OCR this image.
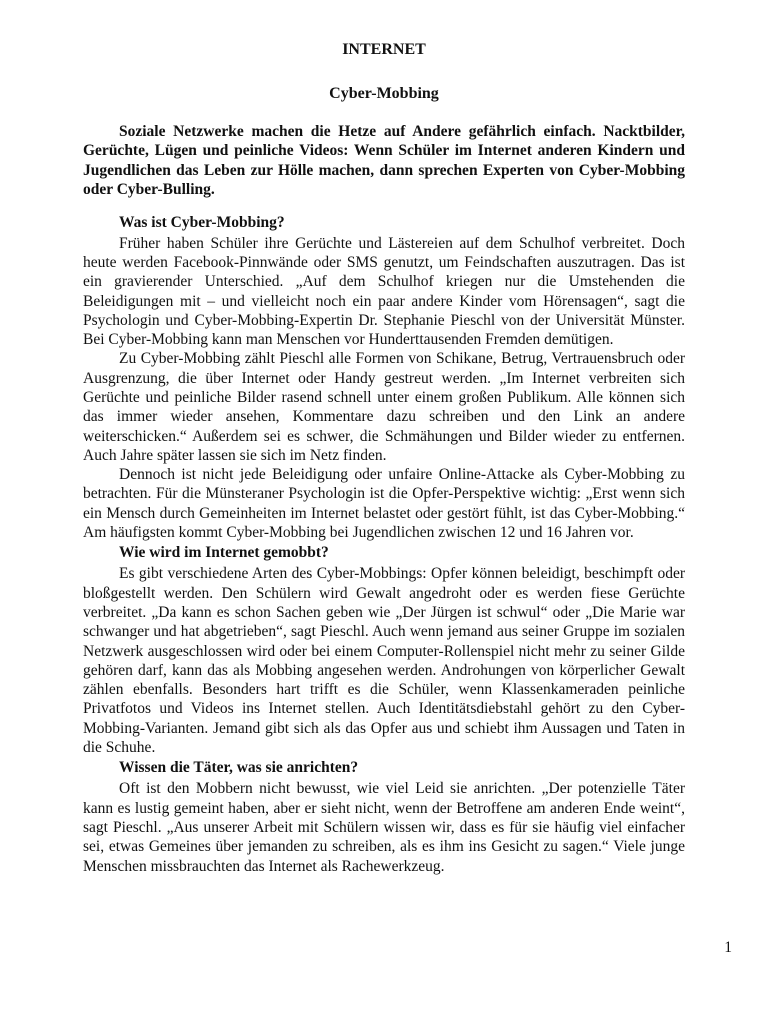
INTERNET
Cyber-Mobbing

Soziale Netzwerke machen die Hetze auf Andere gefährlich einfach. Nacktbilder, Gerüchte, Lügen und peinliche Videos: Wenn Schüler im Internet anderen Kindern und Jugendlichen das Leben zur Hölle machen, dann sprechen Experten von Cyber-Mobbing oder Cyber-Bulling.

Was ist Cyber-Mobbing?

Früher haben Schüler ihre Gerüchte und Lästereien auf dem Schulhof verbreitet. Doch heute werden Facebook-Pinnwände oder SMS genutzt, um Feindschaften auszutragen. Das ist ein gravierender Unterschied. „Auf dem Schulhof kriegen nur die Umstehenden die Beleidigungen mit – und vielleicht noch ein paar andere Kinder vom Hörensagen“, sagt die Psychologin und Cyber-Mobbing-Expertin Dr. Stephanie Pieschl von der Universität Münster. Bei Cyber-Mobbing kann man Menschen vor Hunderttausenden Fremden demütigen.

Zu Cyber-Mobbing zählt Pieschl alle Formen von Schikane, Betrug, Vertrauensbruch oder Ausgrenzung, die über Internet oder Handy gestreut werden. „Im Internet verbreiten sich Gerüchte und peinliche Bilder rasend schnell unter einem großen Publikum. Alle können sich das immer wieder ansehen, Kommentare dazu schreiben und den Link an andere weiterschicken.“ Außerdem sei es schwer, die Schmähungen und Bilder wieder zu entfernen. Auch Jahre später lassen sie sich im Netz finden.

Dennoch ist nicht jede Beleidigung oder unfaire Online-Attacke als Cyber-Mobbing zu betrachten. Für die Münsteraner Psychologin ist die Opfer-Perspektive wichtig: „Erst wenn sich ein Mensch durch Gemeinheiten im Internet belastet oder gestört fühlt, ist das Cyber-Mobbing.“ Am häufigsten kommt Cyber-Mobbing bei Jugendlichen zwischen 12 und 16 Jahren vor.

Wie wird im Internet gemobbt?

Es gibt verschiedene Arten des Cyber-Mobbings: Opfer können beleidigt, beschimpft oder bloßgestellt werden. Den Schülern wird Gewalt angedroht oder es werden fiese Gerüchte verbreitet. „Da kann es schon Sachen geben wie „Der Jürgen ist schwul“ oder „Die Marie war schwanger und hat abgetrieben“, sagt Pieschl. Auch wenn jemand aus seiner Gruppe im sozialen Netzwerk ausgeschlossen wird oder bei einem Computer-Rollenspiel nicht mehr zu seiner Gilde gehören darf, kann das als Mobbing angesehen werden. Androhungen von körperlicher Gewalt zählen ebenfalls. Besonders hart trifft es die Schüler, wenn Klassenkameraden peinliche Privatfotos und Videos ins Internet stellen. Auch Identitätsdiebstahl gehört zu den Cyber-Mobbing-Varianten. Jemand gibt sich als das Opfer aus und schiebt ihm Aussagen und Taten in die Schuhe.

Wissen die Täter, was sie anrichten?

Oft ist den Mobbern nicht bewusst, wie viel Leid sie anrichten. „Der potenzielle Täter kann es lustig gemeint haben, aber er sieht nicht, wenn der Betroffene am anderen Ende weint“, sagt Pieschl. „Aus unserer Arbeit mit Schülern wissen wir, dass es für sie häufig viel einfacher sei, etwas Gemeines über jemanden zu schreiben, als es ihm ins Gesicht zu sagen.“ Viele junge Menschen missbrauchten das Internet als Rachewerkzeug.

1
